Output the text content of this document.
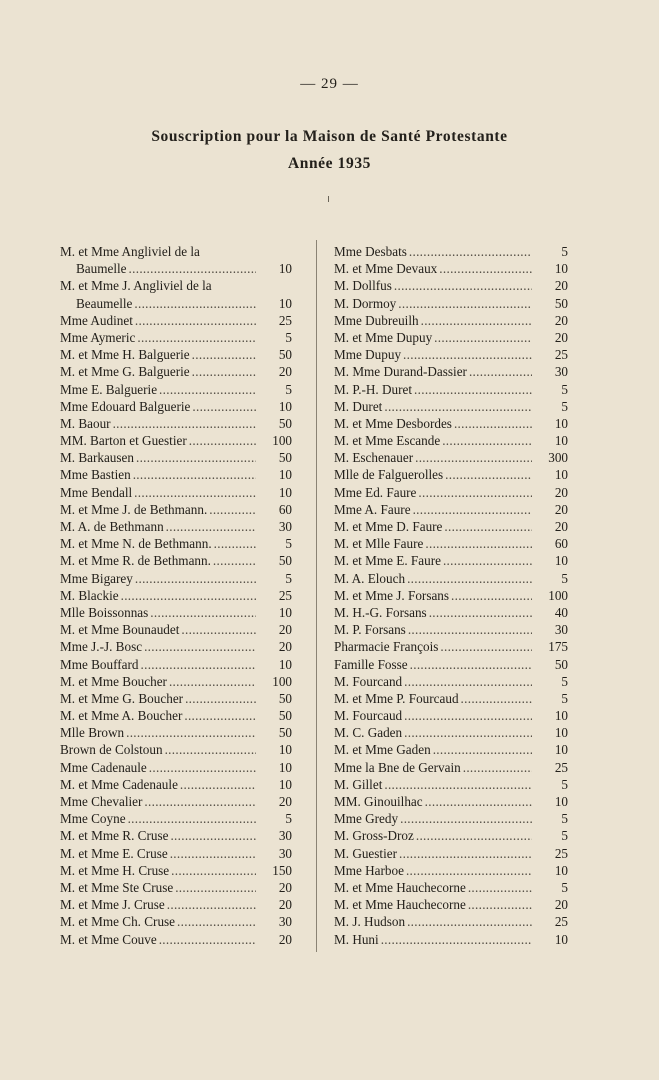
— 29 —
Souscription pour la Maison de Santé Protestante
Année 1935
M. et Mme Angliviel de la
Baumelle . . .	10
M. et Mme J. Angliviel de la
Beaumelle . . .	10
Mme Audinet . . .	25
Mme Aymeric . . .	5
M. et Mme H. Balguerie . . .	50
M. et Mme G. Balguerie . . .	20
Mme E. Balguerie . . .	5
Mme Edouard Balguerie . . .	10
M. Baour . . .	50
MM. Barton et Guestier . . .	100
M. Barkausen . . .	50
Mme Bastien . . .	10
Mme Bendall . . .	10
M. et Mme J. de Bethmann. . . .	60
M. A. de Bethmann . . .	30
M. et Mme N. de Bethmann. . . .	5
M. et Mme R. de Bethmann. . . .	50
Mme Bigarey . . .	5
M. Blackie . . .	25
Mlle Boissonnas . . .	10
M. et Mme Bounaudet . . .	20
Mme J.-J. Bosc . . .	20
Mme Bouffard . . .	10
M. et Mme Boucher . . .	100
M. et Mme G. Boucher . . .	50
M. et Mme A. Boucher . . .	50
Mlle Brown . . .	50
Brown de Colstoun . . .	10
Mme Cadenaule . . .	10
M. et Mme Cadenaule . . .	10
Mme Chevalier . . .	20
Mme Coyne . . .	5
M. et Mme R. Cruse . . .	30
M. et Mme E. Cruse . . .	30
M. et Mme H. Cruse . . .	150
M. et Mme Ste Cruse . . .	20
M. et Mme J. Cruse . . .	20
M. et Mme Ch. Cruse . . .	30
M. et Mme Couve . . .	20
Mme Desbats . . .	5
M. et Mme Devaux . . .	10
M. Dollfus . . .	20
M. Dormoy . . .	50
Mme Dubreuilh . . .	20
M. et Mme Dupuy . . .	20
Mme Dupuy . . .	25
M. Mme Durand-Dassier . . .	30
M. P.-H. Duret . . .	5
M. Duret . . .	5
M. et Mme Desbordes . . .	10
M. et Mme Escande . . .	10
M. Eschenauer . . .	300
Mlle de Falguerolles . . .	10
Mme Ed. Faure . . .	20
Mme A. Faure . . .	20
M. et Mme D. Faure . . .	20
M. et Mlle Faure . . .	60
M. et Mme E. Faure . . .	10
M. A. Elouch . . .	5
M. et Mme J. Forsans . . .	100
M. H.-G. Forsans . . .	40
M. P. Forsans . . .	30
Pharmacie François . . .	175
Famille Fosse . . .	50
M. Fourcand . . .	5
M. et Mme P. Fourcaud . . .	5
M. Fourcaud . . .	10
M. C. Gaden . . .	10
M. et Mme Gaden . . .	10
Mme la Bne de Gervain . . .	25
M. Gillet . . .	5
MM. Ginouilhac . . .	10
Mme Gredy . . .	5
M. Gross-Droz . . .	5
M. Guestier . . .	25
Mme Harboe . . .	10
M. et Mme Hauchecorne . . .	5
M. et Mme Hauchecorne . . .	20
M. J. Hudson . . .	25
M. Huni . . .	10
